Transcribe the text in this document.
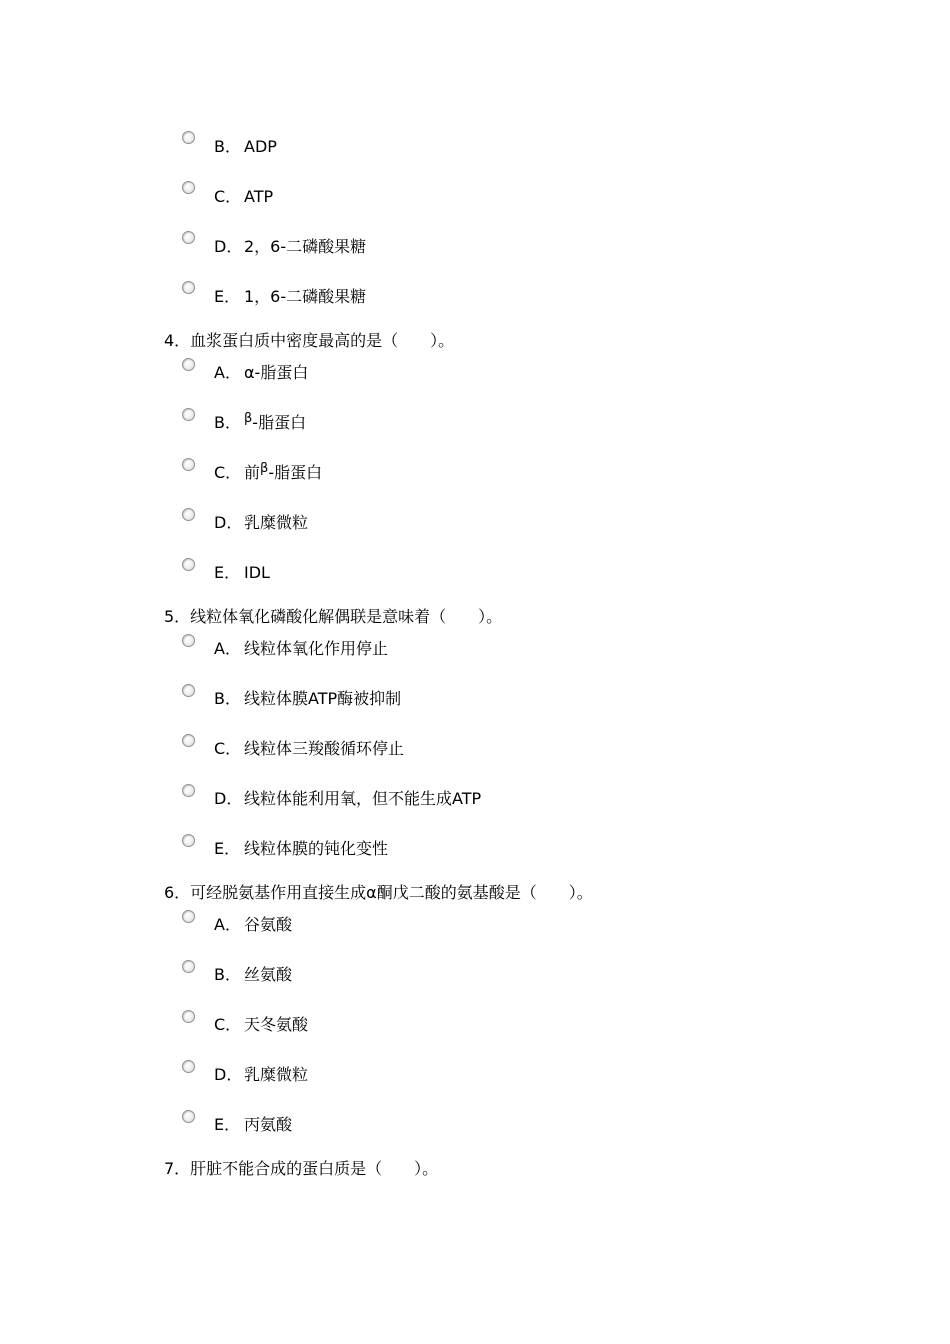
B． ADP
C． ATP
D． 2，6-二磷酸果糖
E． 1，6-二磷酸果糖
4．血浆蛋白质中密度最高的是（　　）。
A． α-脂蛋白
B． $^\beta$-脂蛋白
C． 前$^\beta$-脂蛋白
D． 乳糜微粒
E． IDL
5．线粒体氧化磷酸化解偶联是意味着（　　）。
A． 线粒体氧化作用停止
B． 线粒体膜ATP酶被抑制
C． 线粒体三羧酸循环停止
D． 线粒体能利用氧，但不能生成ATP
E． 线粒体膜的钝化变性
6．可经脱氨基作用直接生成α酮戊二酸的氨基酸是（　　）。
A． 谷氨酸
B． 丝氨酸
C． 天冬氨酸
D． 乳糜微粒
E． 丙氨酸
7．肝脏不能合成的蛋白质是（　　）。
